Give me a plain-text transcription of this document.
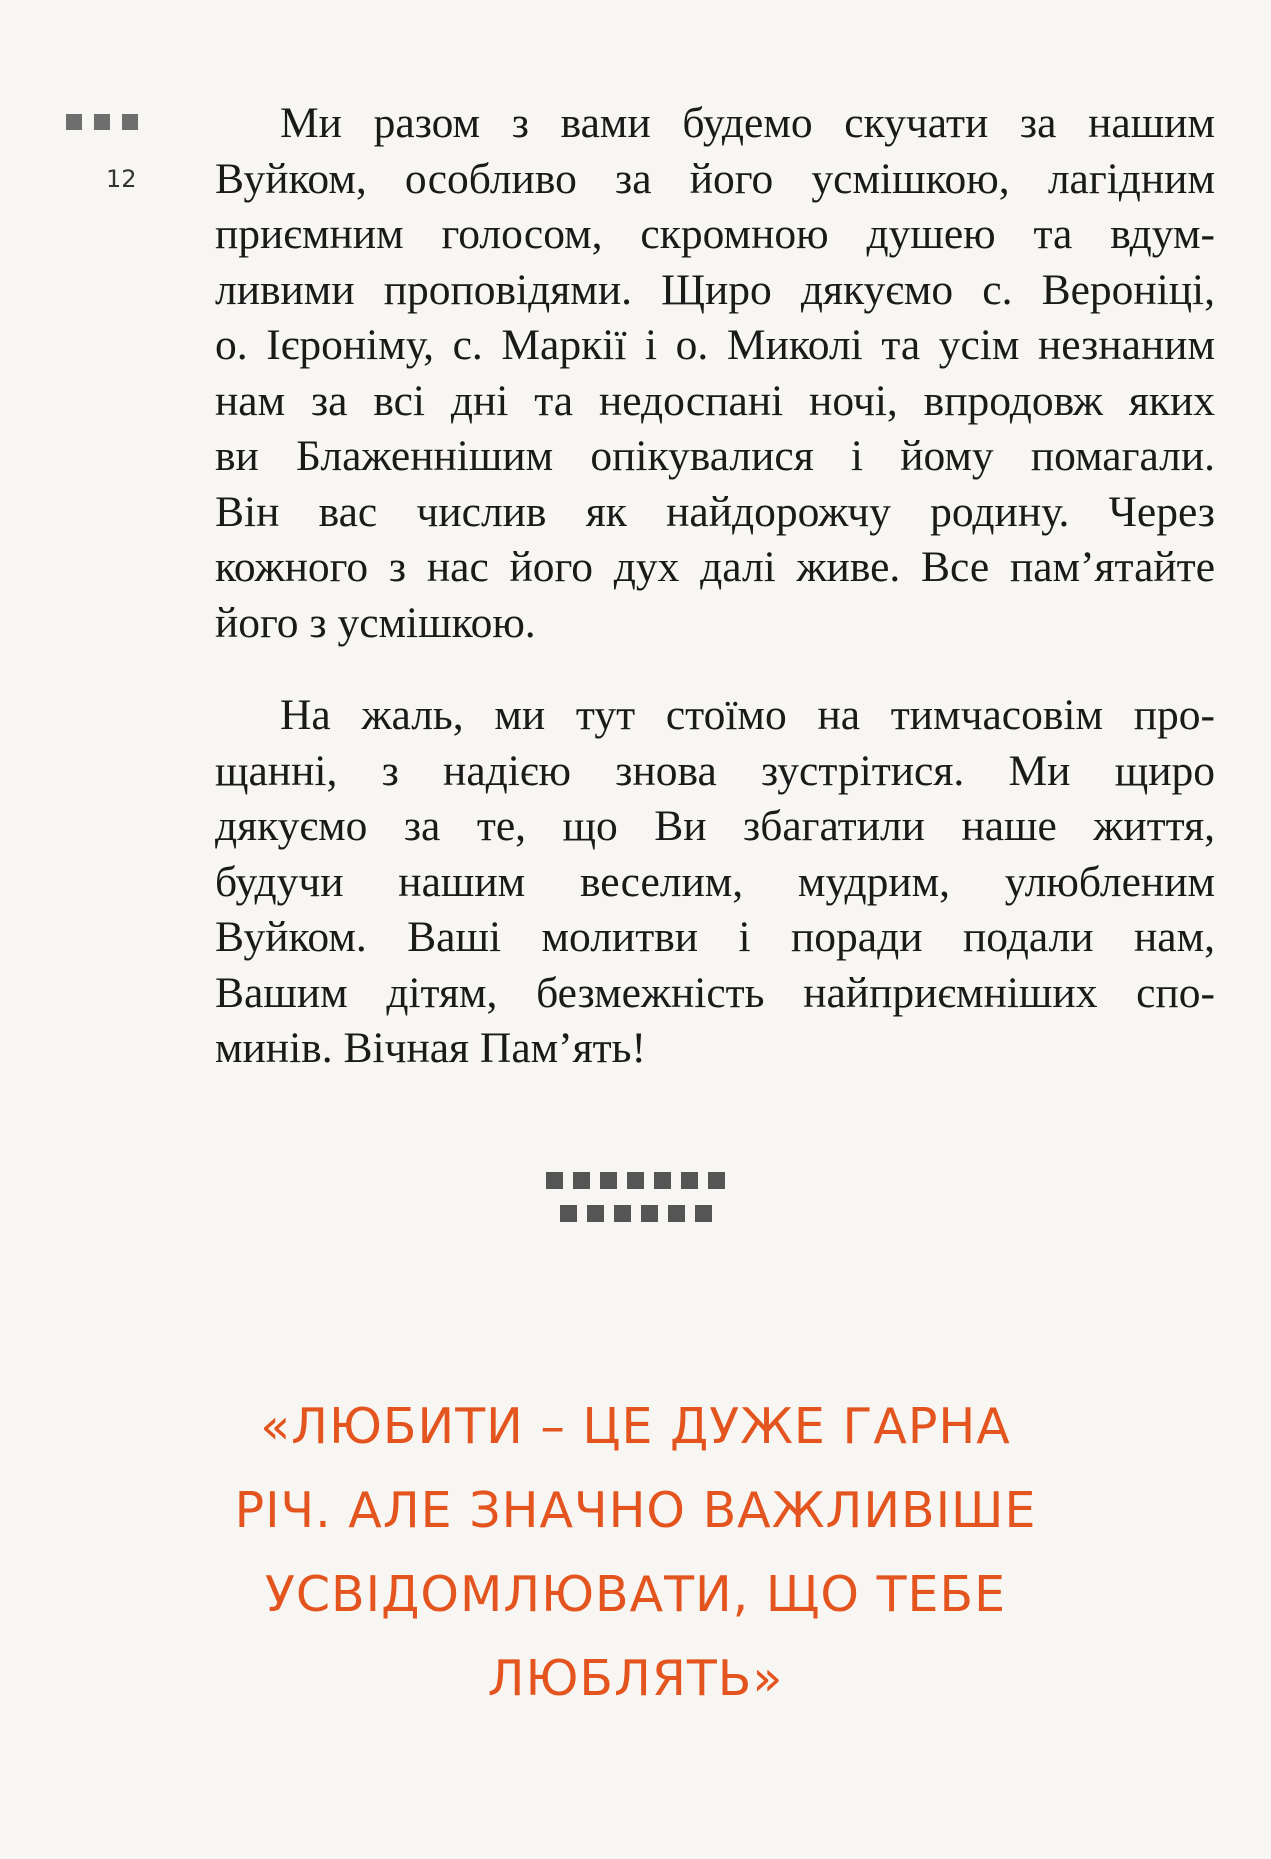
12

Ми разом з вами будемо скучати за нашим
Вуйком, особливо за його усмішкою, лагідним
приємним голосом, скромною душею та вдум-
ливими проповідями. Щиро дякуємо с. Вероніці,
о. Ієроніму, с. Маркії і о. Миколі та усім незнаним
нам за всі дні та недоспані ночі, впродовж яких
ви Блаженнішим опікувалися і йому помагали.
Він вас числив як найдорожчу родину. Через
кожного з нас його дух далі живе. Все пам’ятайте
його з усмішкою.

На жаль, ми тут стоїмо на тимчасовім про-
щанні, з надією знова зустрітися. Ми щиро
дякуємо за те, що Ви збагатили наше життя,
будучи нашим веселим, мудрим, улюбленим
Вуйком. Ваші молитви і поради подали нам,
Вашим дітям, безмежність найприємніших спо-
минів. Вічная Пам’ять!

«ЛЮБИТИ – ЦЕ ДУЖЕ ГАРНА
РІЧ. АЛЕ ЗНАЧНО ВАЖЛИВІШЕ
УСВІДОМЛЮВАТИ, ЩО ТЕБЕ
ЛЮБЛЯТЬ»
